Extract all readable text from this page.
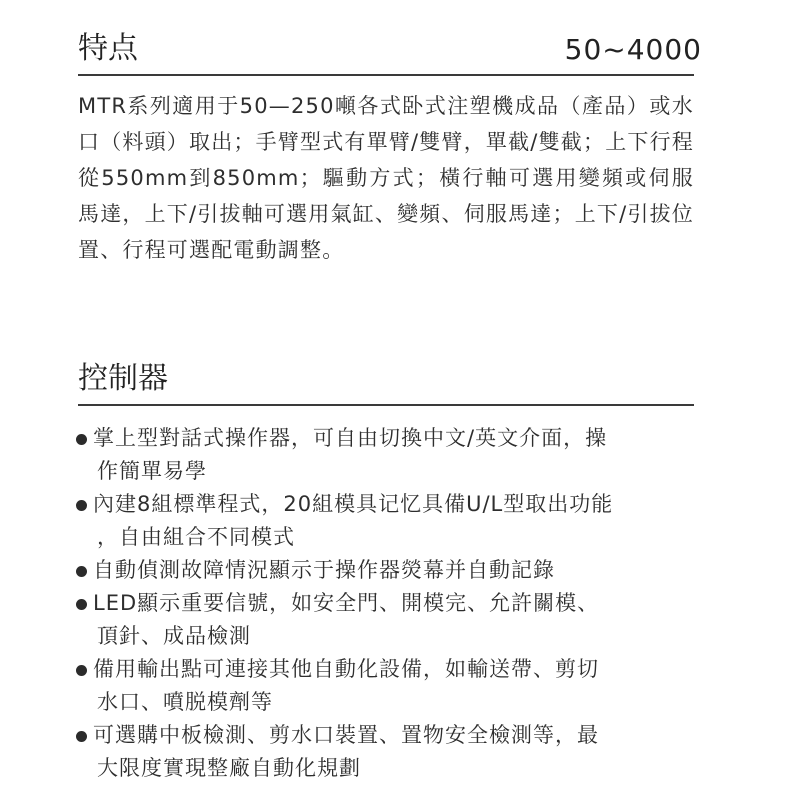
特点	50~4000

MTR系列適用于50—250噸各式卧式注塑機成品（產品）或水口（料頭）取出；手臂型式有單臂/雙臂，單截/雙截；上下行程從550mm到850mm；驅動方式；橫行軸可選用變頻或伺服馬達，上下/引拔軸可選用氣缸、變頻、伺服馬達；上下/引拔位置、行程可選配電動調整。

控制器
掌上型對話式操作器，可自由切換中文/英文介面，操
作簡單易學
內建8組標準程式，20組模具记忆具備U/L型取出功能
，自由組合不同模式
自動偵測故障情況顯示于操作器熒幕并自動記錄
LED顯示重要信號，如安全門、開模完、允許關模、
頂針、成品檢測
備用輸出點可連接其他自動化設備，如輸送帶、剪切
水口、噴脱模劑等
可選購中板檢測、剪水口裝置、置物安全檢測等，最
大限度實現整廠自動化規劃
